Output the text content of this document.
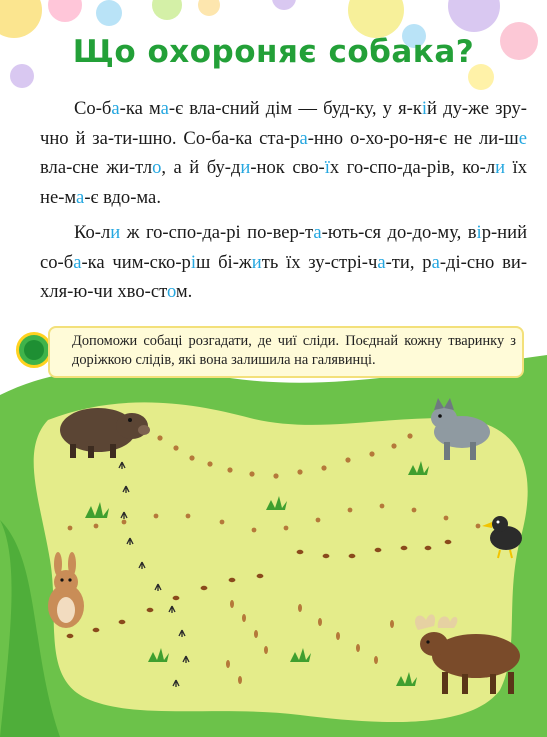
Що охороняє собака?

Со-ба-ка ма-є вла-сний дім — буд-ку, у я-кій ду-же зру-чно й за-ти-шно. Со-ба-ка ста-ра-нно о-хо-ро-ня-є не ли-ше вла-сне жи-тло, а й бу-ди-нок сво-їх го-спо-да-рів, ко-ли їх не-ма-є вдо-ма.

Ко-ли ж го-спо-да-рі по-вер-та-ють-ся до-до-му, вір-ний со-ба-ка чим-ско-ріш бі-жить їх зу-стрі-ча-ти, ра-ді-сно ви-хля-ю-чи хво-стом.

Допоможи собаці розгадати, де чиї сліди. Поєднай кожну тваринку з доріжкою слідів, які вона залишила на галявинці.
